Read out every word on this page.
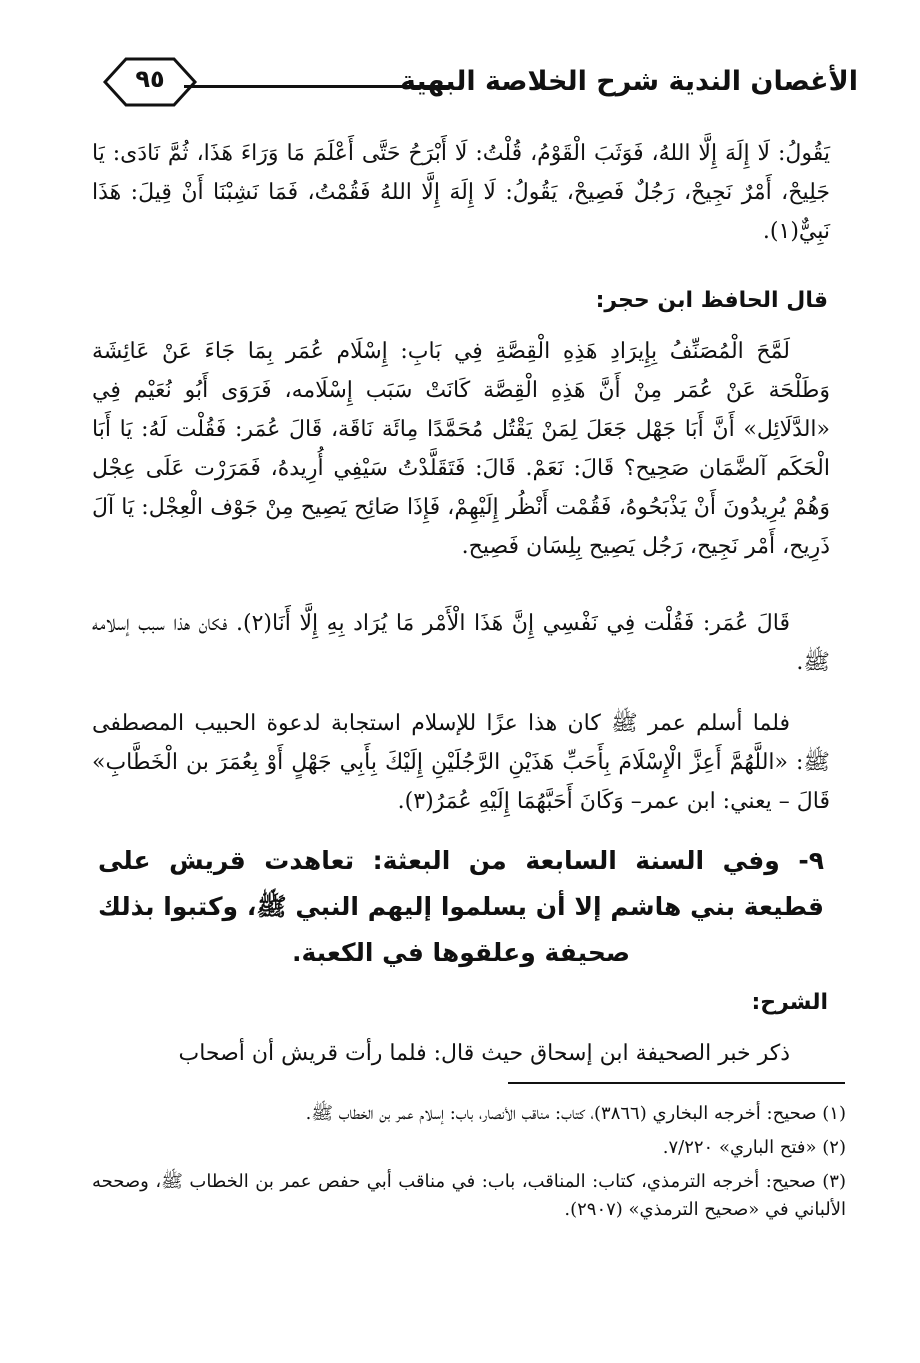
الأغصان الندية شرح الخلاصة البهية
٩٥

يَقُولُ: لَا إِلَهَ إِلَّا اللهُ، فَوَثَبَ الْقَوْمُ، قُلْتُ: لَا أَبْرَحُ حَتَّى أَعْلَمَ مَا وَرَاءَ هَذَا، ثُمَّ نَادَى: يَا جَلِيحْ، أَمْرٌ نَجِيحْ، رَجُلٌ فَصِيحْ، يَقُولُ: لَا إِلَهَ إِلَّا اللهُ فَقُمْتُ، فَمَا نَشِبْنَا أَنْ قِيلَ: هَذَا نَبِيٌّ(١).

قال الحافظ ابن حجر:

لَمَّحَ الْمُصَنِّفُ بِإِيرَادِ هَذِهِ الْقِصَّةِ فِي بَابِ: إِسْلَام عُمَر بِمَا جَاءَ عَنْ عَائِشَة وَطَلْحَة عَنْ عُمَر مِنْ أَنَّ هَذِهِ الْقِصَّة كَانَتْ سَبَب إِسْلَامه، فَرَوَى أَبُو نُعَيْم فِي «الدَّلَائِل» أَنَّ أَبَا جَهْل جَعَلَ لِمَنْ يَقْتُل مُحَمَّدًا مِائَة نَاقَة، قَالَ عُمَر: فَقُلْت لَهُ: يَا أَبَا الْحَكَم آلضَّمَان صَحِيح؟ قَالَ: نَعَمْ. قَالَ: فَتَقَلَّدْتُ سَيْفِي أُرِيدهُ، فَمَرَرْت عَلَى عِجْل وَهُمْ يُرِيدُونَ أَنْ يَذْبَحُوهُ، فَقُمْت أَنْظُر إِلَيْهِمْ، فَإِذَا صَائِح يَصِيح مِنْ جَوْف الْعِجْل: يَا آلَ ذَرِيح، أَمْر نَجِيح، رَجُل يَصِيح بِلِسَان فَصِيح.

قَالَ عُمَر: فَقُلْت فِي نَفْسِي إِنَّ هَذَا الْأَمْر مَا يُرَاد بِهِ إِلَّا أَنَا(٢). فكان هذا سبب إسلامه ﷺ.

فلما أسلم عمر ﷺ كان هذا عزًا للإسلام استجابة لدعوة الحبيب المصطفى ﷺ: «اللَّهُمَّ أَعِزَّ الْإِسْلَامَ بِأَحَبِّ هَذَيْنِ الرَّجُلَيْنِ إِلَيْكَ بِأَبِي جَهْلٍ أَوْ بِعُمَرَ بن الْخَطَّابِ» قَالَ – يعني: ابن عمر– وَكَانَ أَحَبَّهُمَا إِلَيْهِ عُمَرُ(٣).

٩- وفي السنة السابعة من البعثة: تعاهدت قريش على قطيعة بني هاشم إلا أن يسلموا إليهم النبي ﷺ، وكتبوا بذلك صحيفة وعلقوها في الكعبة.

الشرح:

ذكر خبر الصحيفة ابن إسحاق حيث قال: فلما رأت قريش أن أصحاب

(١) صحيح: أخرجه البخاري (٣٨٦٦)، كتاب: مناقب الأنصار، باب: إسلام عمر بن الخطاب ﷺ.

(٢) «فتح الباري» ٧/٢٢٠.

(٣) صحيح: أخرجه الترمذي، كتاب: المناقب، باب: في مناقب أبي حفص عمر بن الخطاب ﷺ، وصححه الألباني في «صحيح الترمذي» (٢٩٠٧).
